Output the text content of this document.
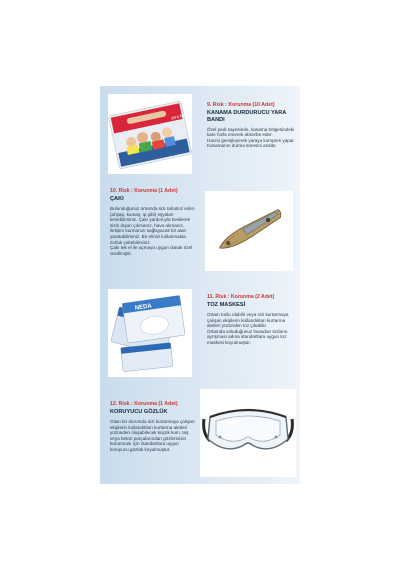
yara bandı
9. Risk : Korunma (10 Adet)
KANAMA DURDURUCU YARA BANDI

Özel pedi sayesinde, kanama bölgesindeki kanı hızla emerek absorbe eder.

Hacmi genişleyerek yaraya kompres yapar.

Kanamanın durma süresini azaltır.

10. Risk : Korunma (1 Adet)
ÇAKI

Bulunduğunuz ortamda sizi rahatsız eden (ahşap, kumaş, ip gibi) eşyaları kesebilirsiniz. Çakı yardımıyla kesilerek sizin dışarı çıkmanız, hava alımanız, iletişim kurmanızı sağlayacak bir alan yaratabilirsiniz. Bir elinizi kullanmakta zorluk çekebilirsiniz.

Çakı tek el ile açmaya uygun olarak özel üretilmiştir.

NEDA
11. Risk : Korunma (2 Adet)
TOZ MASKESİ

Ortam tozlu olabilir veya sizi kurtarmaya çalışan ekiplerin kullandıkları kurtarma aletleri yüzünden toz çıkabilir.

Ortamda soluduğunuz havadan tozların ayrışması adına standartlara uygun toz maskesi koyulmuştur.

12. Risk : Korunma (1 Adet)
KORUYUCU GÖZLÜK

Olası bir durumda sizi kurtarmaya çalışan ekiplerin kullandıkları kurtarma aletleri yüzünden oluşabilecek küçük kum, taş veya beton parçalarından gözlerinizin korunması için standartlara uygun koruyucu gözlük koyulmuştur.
